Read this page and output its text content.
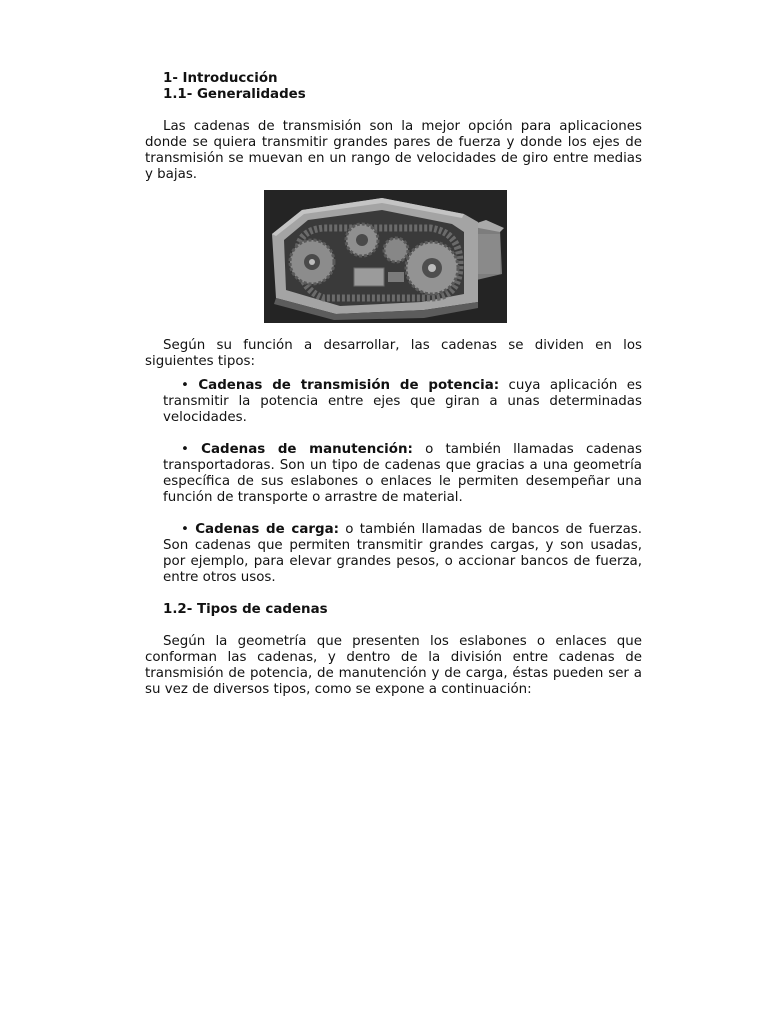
1- Introducción

1.1- Generalidades

Las cadenas de transmisión son la mejor opción para aplicaciones donde se quiera transmitir grandes pares de fuerza y donde los ejes de transmisión se muevan en un rango de velocidades de giro entre medias y bajas.

Según su función a desarrollar, las cadenas se dividen en los siguientes tipos:

• Cadenas de transmisión de potencia: cuya aplicación es transmitir la potencia entre ejes que giran a unas determinadas velocidades.

• Cadenas de manutención: o también llamadas cadenas transportadoras. Son un tipo de cadenas que gracias a una geometría específica de sus eslabones o enlaces le permiten desempeñar una función de transporte o arrastre de material.

• Cadenas de carga: o también llamadas de bancos de fuerzas. Son cadenas que permiten transmitir grandes cargas, y son usadas, por ejemplo, para elevar grandes pesos, o accionar bancos de fuerza, entre otros usos.

1.2- Tipos de cadenas

Según la geometría que presenten los eslabones o enlaces que conforman las cadenas, y dentro de la división entre cadenas de transmisión de potencia, de manutención y de carga, éstas pueden ser a su vez de diversos tipos, como se expone a continuación:
